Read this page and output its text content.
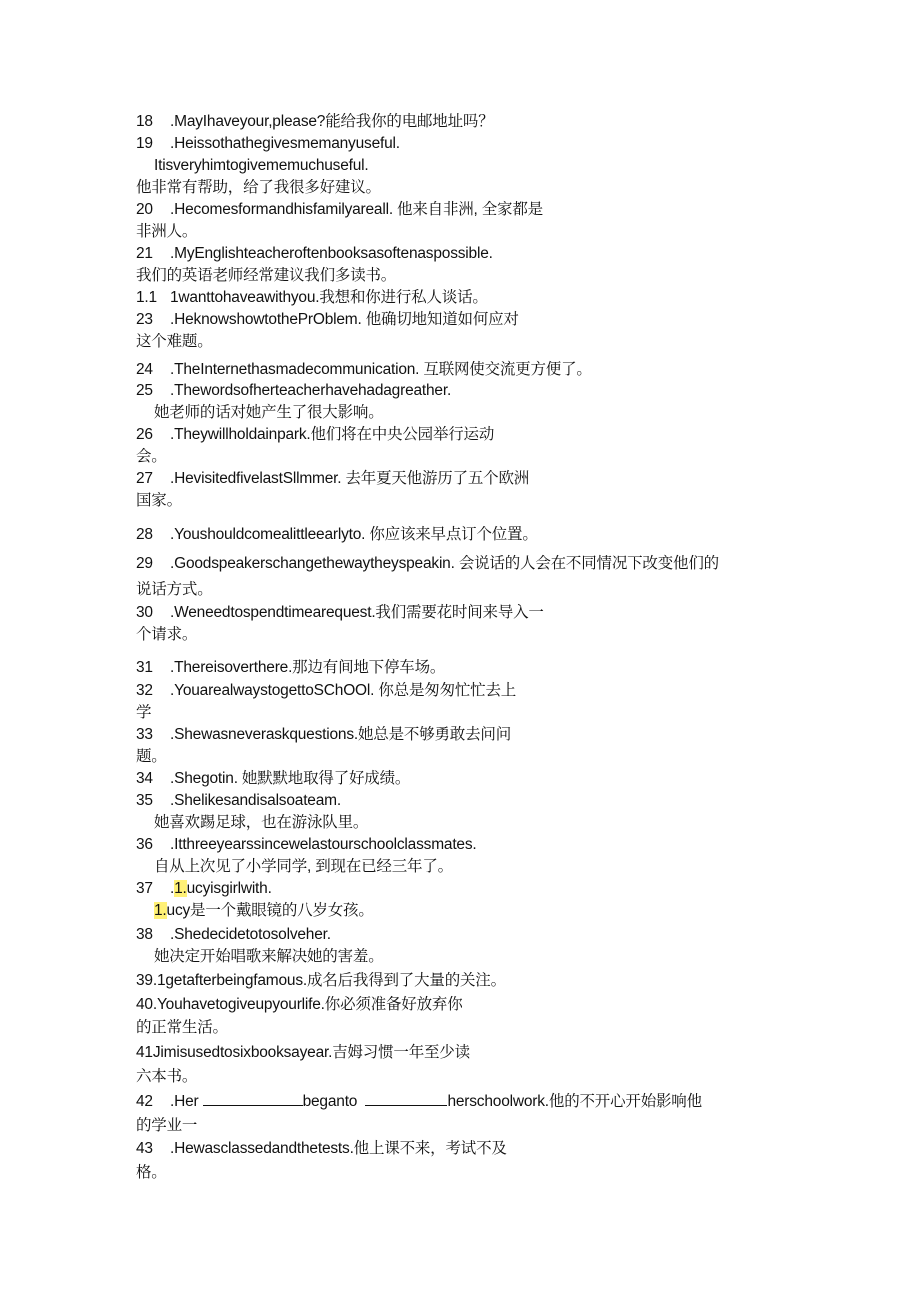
18 .MayIhaveyour,please?能给我你的电邮地址吗？
19 .Heissothathegivesmemanyuseful.
Itisveryhimtogivememuchuseful.
他非常有帮助，给了我很多好建议。
20 .Hecomesformandhisfamilyareall. 他来自非洲, 全家都是
非洲人。
21 .MyEnglishteacheroftenbooksasoftenaspossible.
我们的英语老师经常建议我们多读书。
1.1 1wanttohaveawithyou.我想和你进行私人谈话。
23 .HeknowshowtothePrOblem. 他确切地知道如何应对
这个难题。
24 .TheInternethasmadecommunication. 互联网使交流更方便了。
25 .Thewordsofherteacherhavehadagreather.
她老师的话对她产生了很大影响。
26 .Theywillholdainpark.他们将在中央公园举行运动
会。
27 .HevisitedfivelastSllmmer. 去年夏天他游历了五个欧洲
国家。
28 .Youshouldcomealittleearlyto. 你应该来早点订个位置。
29 .Goodspeakerschangethewaytheyspeakin. 会说话的人会在不同情况下改变他们的
说话方式。
30 .Weneedtospendtimearequest.我们需要花时间来导入一
个请求。
31 .Thereisoverthere.那边有间地下停车场。
32 .YouarealwaystogettoSChOOl. 你总是匆匆忙忙去上
学
33 .Shewasneveraskquestions.她总是不够勇敢去问问
题。
34 .Shegotin. 她默默地取得了好成绩。
35 .Shelikesandisalsoateam.
她喜欢踢足球，也在游泳队里。
36 .Itthreeyearssincewelastourschoolclassmates.
自从上次见了小学同学, 到现在已经三年了。
37 .1.ucyisgirlwith.
1.ucy是一个戴眼镜的八岁女孩。
38 .Shedecidetotosolveher.
她决定开始唱歌来解决她的害羞。
39.1getafterbeingfamous.成名后我得到了大量的关注。
40.Youhavetogiveupyourlife.你必须准备好放弃你
的正常生活。
41Jimisusedtosixbooksayear.吉姆习惯一年至少读
六本书。
42 .Her	beganto	herschoolwork.他的不开心开始影响他
的学业一
43 .Hewasclassedandthetests.他上课不来，考试不及
格。
